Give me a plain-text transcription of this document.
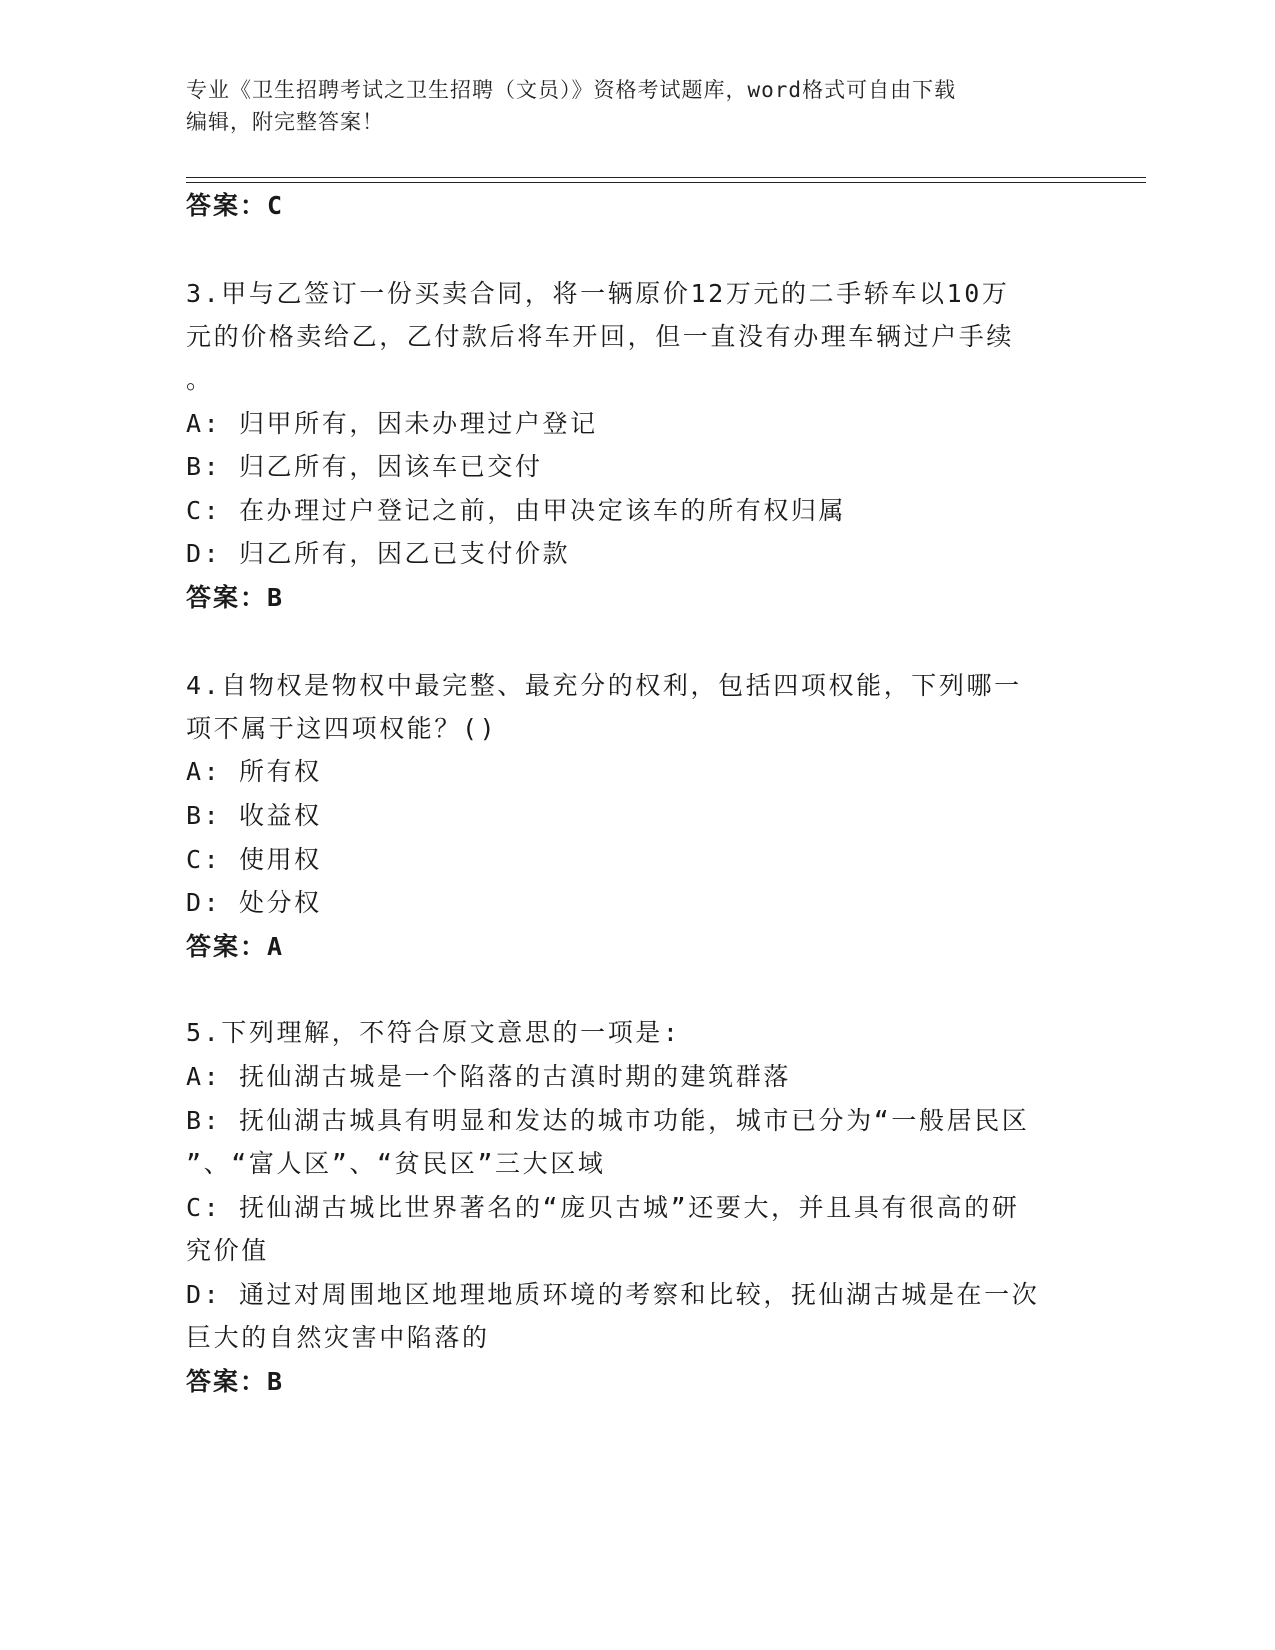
专业《卫生招聘考试之卫生招聘（文员）》资格考试题库，word格式可自由下载
编辑，附完整答案！
答案：C
3.甲与乙签订一份买卖合同，将一辆原价12万元的二手轿车以10万
元的价格卖给乙，乙付款后将车开回，但一直没有办理车辆过户手续
。
A: 归甲所有，因未办理过户登记
B: 归乙所有，因该车已交付
C: 在办理过户登记之前，由甲决定该车的所有权归属
D: 归乙所有，因乙已支付价款
答案：B
4.自物权是物权中最完整、最充分的权利，包括四项权能，下列哪一
项不属于这四项权能？()
A: 所有权
B: 收益权
C: 使用权
D: 处分权
答案：A
5.下列理解，不符合原文意思的一项是:
A: 抚仙湖古城是一个陷落的古滇时期的建筑群落
B: 抚仙湖古城具有明显和发达的城市功能，城市已分为“一般居民区
”、“富人区”、“贫民区”三大区域
C: 抚仙湖古城比世界著名的“庞贝古城”还要大，并且具有很高的研
究价值
D: 通过对周围地区地理地质环境的考察和比较，抚仙湖古城是在一次
巨大的自然灾害中陷落的
答案：B
